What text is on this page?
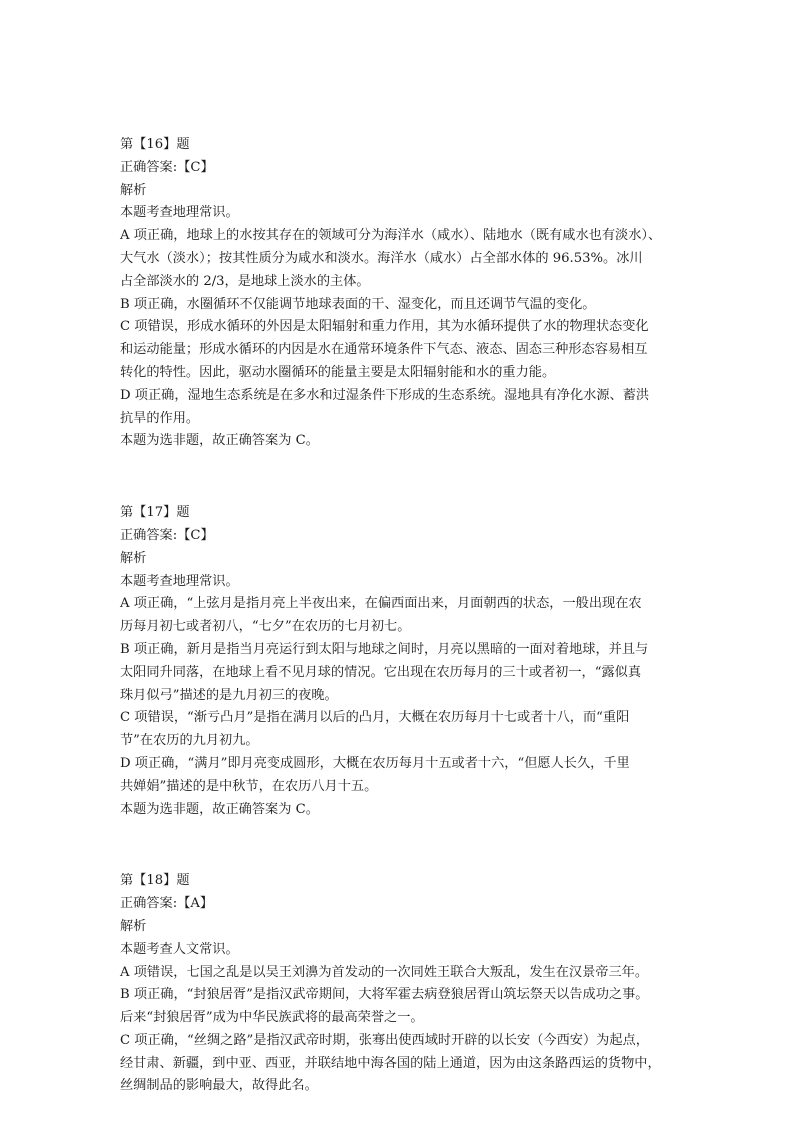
第【16】题
正确答案:【C】
解析
本题考查地理常识。
A 项正确，地球上的水按其存在的领域可分为海洋水（咸水）、陆地水（既有咸水也有淡水）、
大气水（淡水）；按其性质分为咸水和淡水。海洋水（咸水）占全部水体的 96.53%。冰川
占全部淡水的 2/3，是地球上淡水的主体。
B 项正确，水圈循环不仅能调节地球表面的干、湿变化，而且还调节气温的变化。
C 项错误，形成水循环的外因是太阳辐射和重力作用，其为水循环提供了水的物理状态变化
和运动能量；形成水循环的内因是水在通常环境条件下气态、液态、固态三种形态容易相互
转化的特性。因此，驱动水圈循环的能量主要是太阳辐射能和水的重力能。
D 项正确，湿地生态系统是在多水和过湿条件下形成的生态系统。湿地具有净化水源、蓄洪
抗旱的作用。
本题为选非题，故正确答案为 C。
第【17】题
正确答案:【C】
解析
本题考查地理常识。
A 项正确，“上弦月是指月亮上半夜出来，在偏西面出来，月面朝西的状态，一般出现在农
历每月初七或者初八，“七夕”在农历的七月初七。
B 项正确，新月是指当月亮运行到太阳与地球之间时，月亮以黑暗的一面对着地球，并且与
太阳同升同落，在地球上看不见月球的情况。它出现在农历每月的三十或者初一，“露似真
珠月似弓”描述的是九月初三的夜晚。
C 项错误，“渐亏凸月”是指在满月以后的凸月，大概在农历每月十七或者十八，而“重阳
节”在农历的九月初九。
D 项正确，“满月”即月亮变成圆形，大概在农历每月十五或者十六，“但愿人长久，千里
共婵娟”描述的是中秋节，在农历八月十五。
本题为选非题，故正确答案为 C。
第【18】题
正确答案:【A】
解析
本题考查人文常识。
A 项错误，七国之乱是以吴王刘濞为首发动的一次同姓王联合大叛乱，发生在汉景帝三年。
B 项正确，“封狼居胥”是指汉武帝期间，大将军霍去病登狼居胥山筑坛祭天以告成功之事。
后来“封狼居胥”成为中华民族武将的最高荣誉之一。
C 项正确，“丝绸之路”是指汉武帝时期，张骞出使西域时开辟的以长安（今西安）为起点，
经甘肃、新疆，到中亚、西亚，并联结地中海各国的陆上通道，因为由这条路西运的货物中，
丝绸制品的影响最大，故得此名。
